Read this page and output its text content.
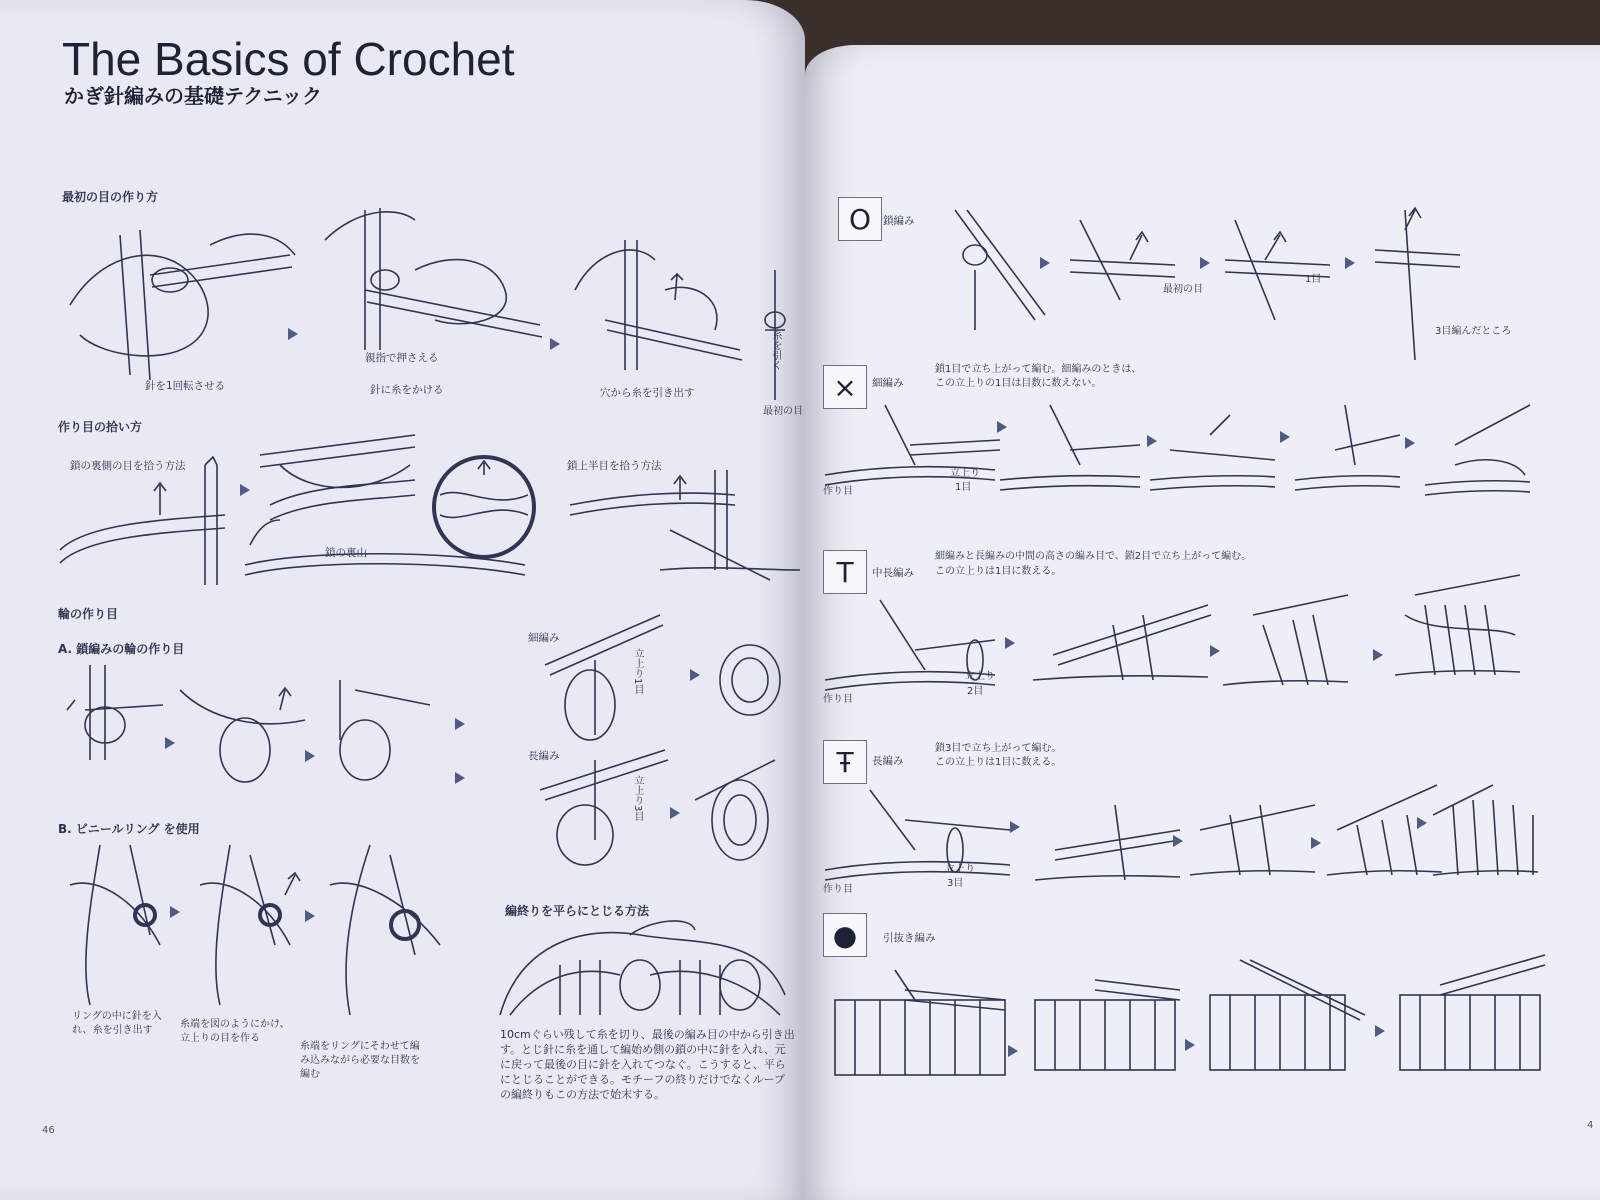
The Basics of Crochet
かぎ針編みの基礎テクニック
最初の目の作り方
針を1回転させる
親指で押さえる
針に糸をかける	穴から糸を引き出す
糸を引く
最初の目
作り目の拾い方
鎖の裏側の目を拾う方法
鎖の裏山
鎖上半目を拾う方法
輪の作り目
A. 鎖編みの輪の作り目
細編み
立上り1目
長編み
立上り3目
B. ビニールリング を使用
リングの中に針を入れ、糸を引き出す
糸端を図のようにかけ、立上りの目を作る
糸端をリングにそわせて編み込みながら必要な目数を編む
編終りを平らにとじる方法
10cmぐらい残して糸を切り、最後の編み目の中から引き出す。とじ針に糸を通して編始め側の鎖の中に針を入れ、元に戻って最後の目に針を入れてつなぐ。こうすると、平らにとじることができる。モチーフの終りだけでなくループの編終りもこの方法で始末する。
46
O	鎖編み
最初の目
1目
3目編んだところ
×	細編み
鎖1目で立ち上がって編む。細編みのときは、
この立上りの1目は目数に数えない。
作り目
立上り
1目
T	中長編み
細編みと長編みの中間の高さの編み目で、鎖2目で立ち上がって編む。
この立上りは1目に数える。
作り目
立上り
2目
Ŧ	長編み
鎖3目で立ち上がって編む。
この立上りは1目に数える。
作り目
立上り
3目
●	引抜き編み
4
